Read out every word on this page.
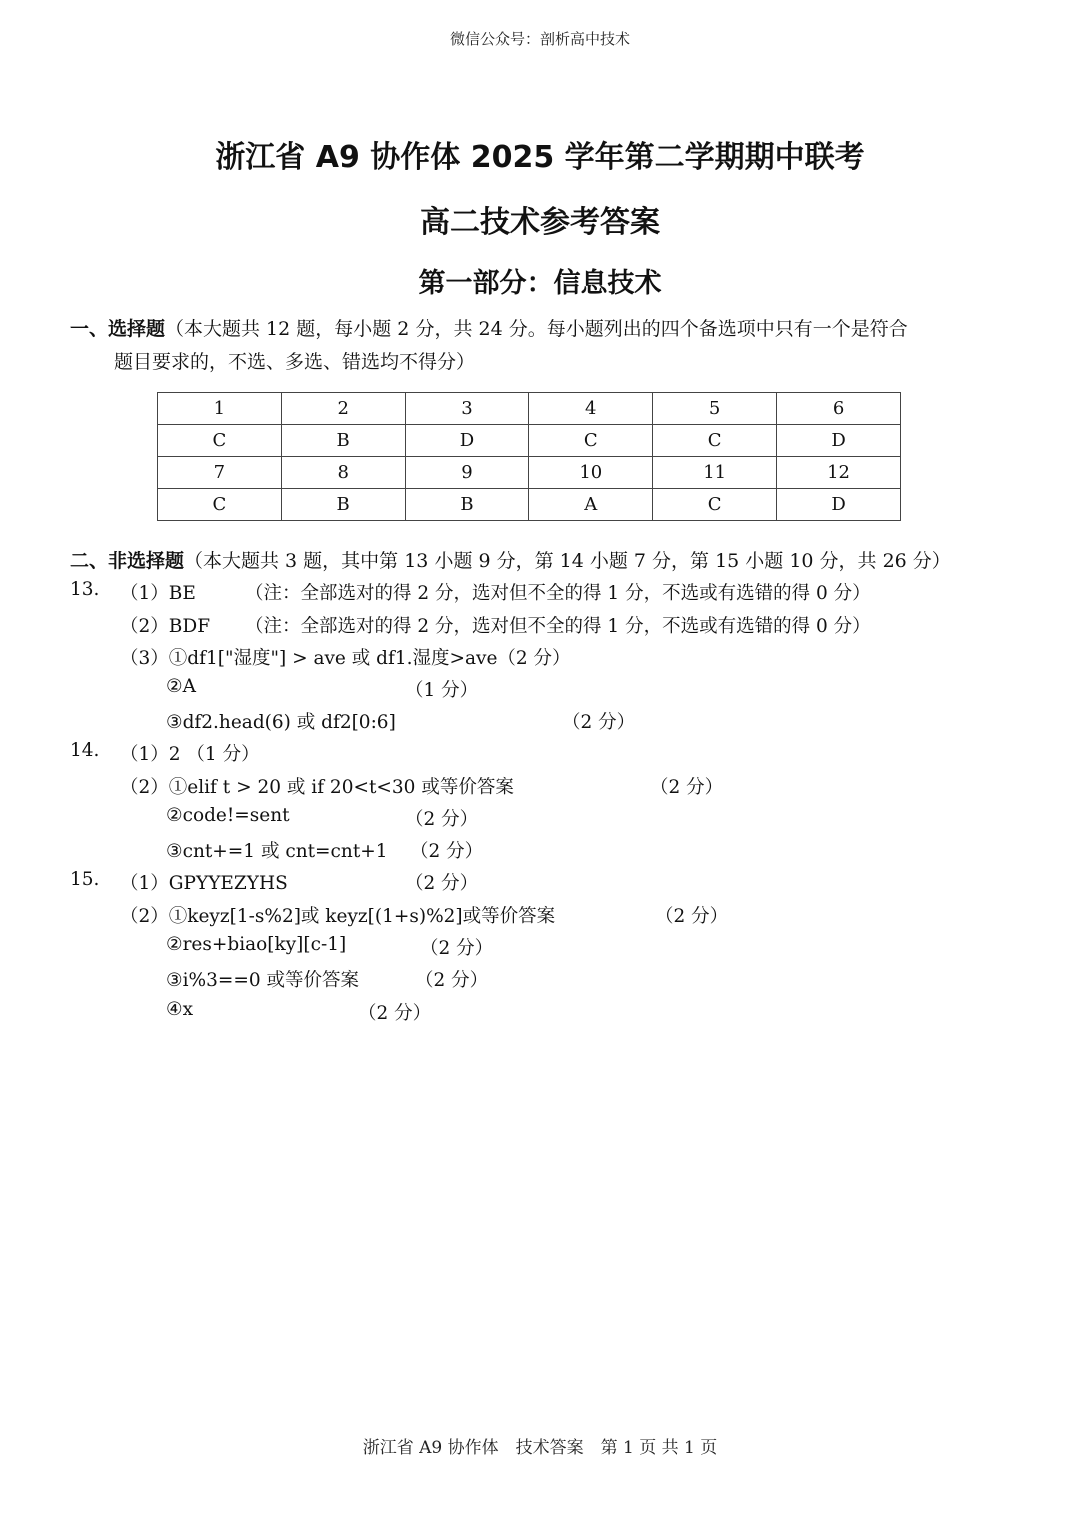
微信公众号：剖析高中技术
浙江省 A9 协作体 2025 学年第二学期期中联考
高二技术参考答案
第一部分：信息技术
一、选择题（本大题共 12 题，每小题 2 分，共 24 分。每小题列出的四个备选项中只有一个是符合
题目要求的，不选、多选、错选均不得分）
1	2	3	4	5	6
C	B	D	C	C	D
7	8	9	10	11	12
C	B	B	A	C	D
二、非选择题（本大题共 3 题，其中第 13 小题 9 分，第 14 小题 7 分，第 15 小题 10 分，共 26 分）
13. （1）BE	（注：全部选对的得 2 分，选对但不全的得 1 分，不选或有选错的得 0 分）
（2）BDF （注：全部选对的得 2 分，选对但不全的得 1 分，不选或有选错的得 0 分）
（3）①df1["湿度"] > ave 或 df1.湿度>ave（2 分）
②A	（1 分）
③df2.head(6) 或 df2[0:6]	（2 分）
14. （1）2 （1 分）
（2）①elif t > 20 或 if 20<t<30 或等价答案	（2 分）
②code!=sent	（2 分）
③cnt+=1 或 cnt=cnt+1 （2 分）
15. （1）GPYYEZYHS	（2 分）
（2）①keyz[1-s%2]或 keyz[(1+s)%2]或等价答案	（2 分）
②res+biao[ky][c-1]	（2 分）
③i%3==0 或等价答案	（2 分）
④x	（2 分）
浙江省 A9 协作体　技术答案　第 1 页 共 1 页
